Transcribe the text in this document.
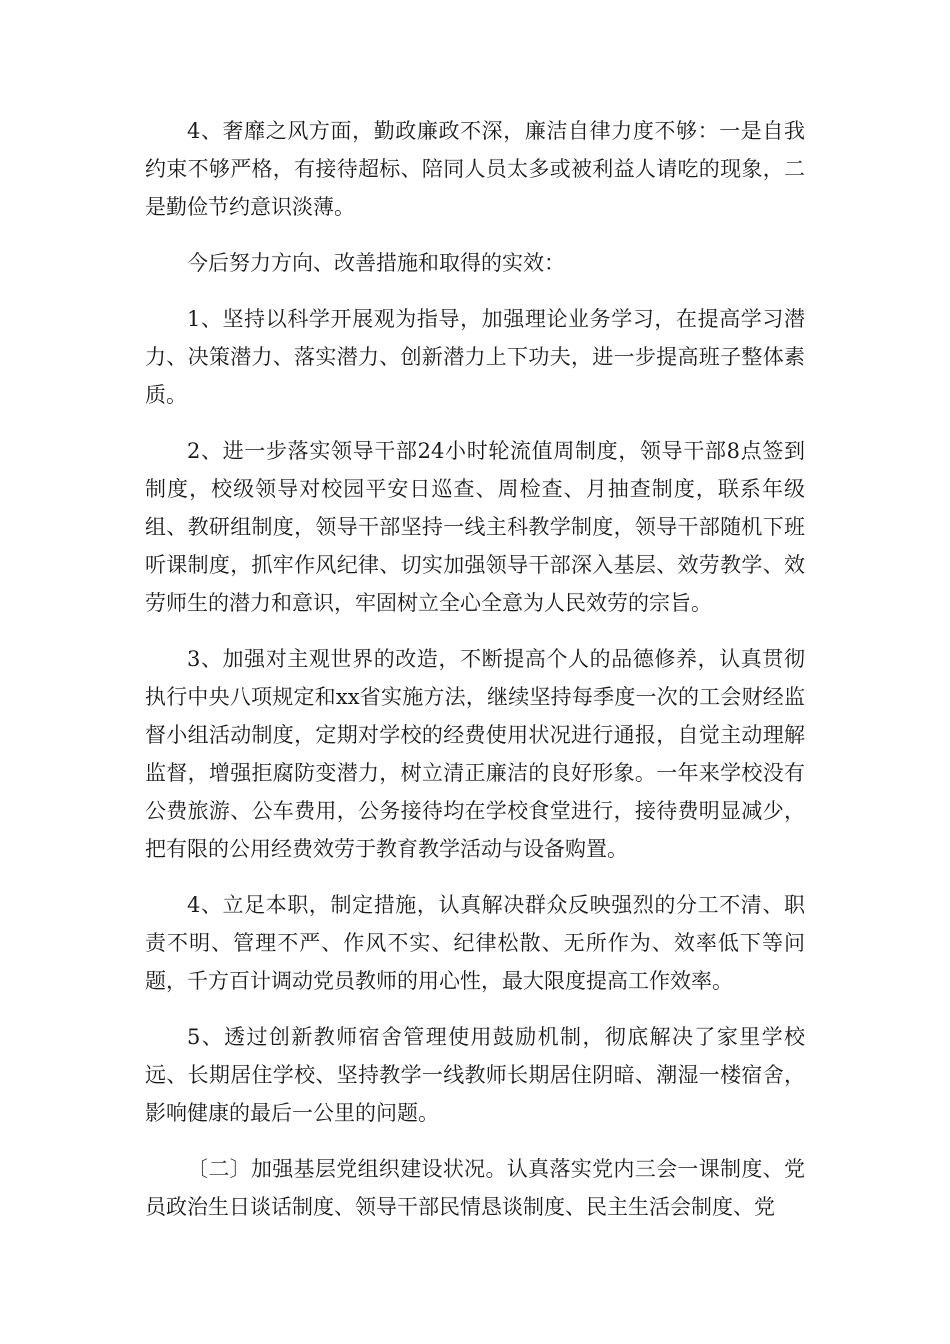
4、奢靡之风方面，勤政廉政不深，廉洁自律力度不够：一是自我约束不够严格，有接待超标、陪同人员太多或被利益人请吃的现象，二是勤俭节约意识淡薄。

今后努力方向、改善措施和取得的实效：

1、坚持以科学开展观为指导，加强理论业务学习，在提高学习潜力、决策潜力、落实潜力、创新潜力上下功夫，进一步提高班子整体素质。

2、进一步落实领导干部24小时轮流值周制度，领导干部8点签到制度，校级领导对校园平安日巡查、周检查、月抽查制度，联系年级组、教研组制度，领导干部坚持一线主科教学制度，领导干部随机下班听课制度，抓牢作风纪律、切实加强领导干部深入基层、效劳教学、效劳师生的潜力和意识，牢固树立全心全意为人民效劳的宗旨。

3、加强对主观世界的改造，不断提高个人的品德修养，认真贯彻执行中央八项规定和xx省实施方法，继续坚持每季度一次的工会财经监督小组活动制度，定期对学校的经费使用状况进行通报，自觉主动理解监督，增强拒腐防变潜力，树立清正廉洁的良好形象。一年来学校没有公费旅游、公车费用，公务接待均在学校食堂进行，接待费明显减少，把有限的公用经费效劳于教育教学活动与设备购置。

4、立足本职，制定措施，认真解决群众反映强烈的分工不清、职责不明、管理不严、作风不实、纪律松散、无所作为、效率低下等问题，千方百计调动党员教师的用心性，最大限度提高工作效率。

5、透过创新教师宿舍管理使用鼓励机制，彻底解决了家里学校远、长期居住学校、坚持教学一线教师长期居住阴暗、潮湿一楼宿舍，影响健康的最后一公里的问题。

〔二〕加强基层党组织建设状况。认真落实党内三会一课制度、党员政治生日谈话制度、领导干部民情恳谈制度、民主生活会制度、党
